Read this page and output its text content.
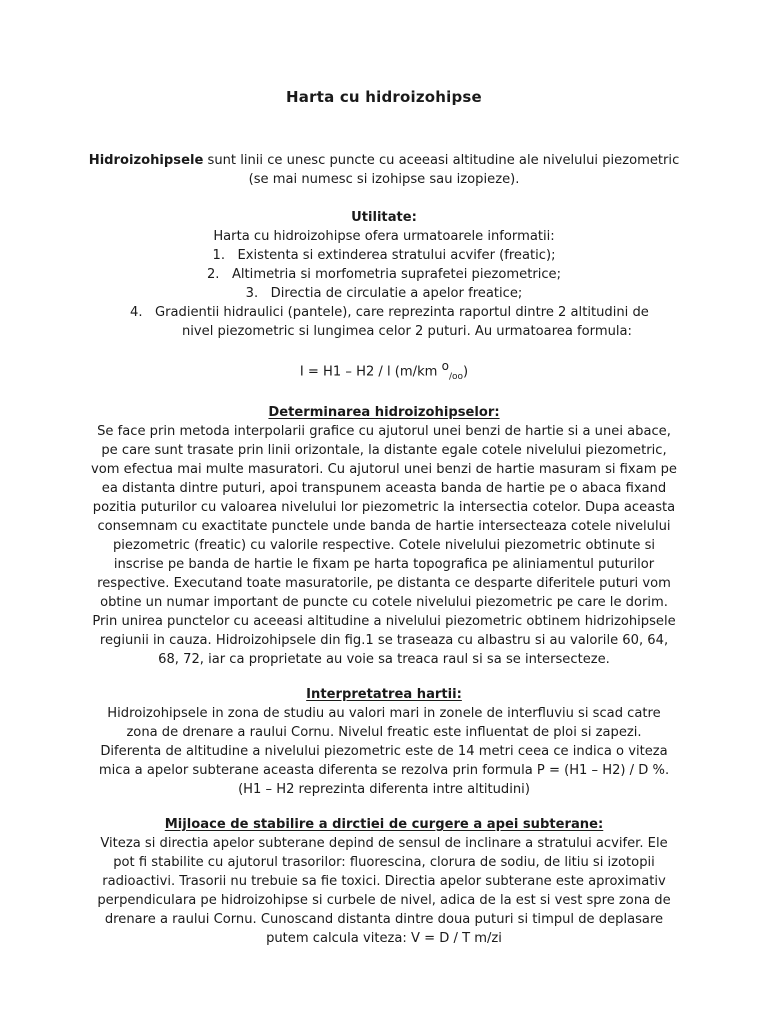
Harta cu hidroizohipse

Hidroizohipsele sunt linii ce unesc puncte cu aceeasi altitudine ale nivelului piezometric

(se mai numesc si izohipse sau izopieze).

Utilitate:

Harta cu hidroizohipse ofera urmatoarele informatii:

1. Existenta si extinderea stratului acvifer (freatic);
2. Altimetria si morfometria suprafetei piezometrice;
3. Directia de circulatie a apelor freatice;
4. Gradientii hidraulici (pantele), care reprezinta raportul dintre 2 altitudini de
nivel piezometric si lungimea celor 2 puturi. Au urmatoarea formula:

I = H1 – H2 / l (m/km $^o_{/oo}$)

Determinarea hidroizohipselor:

Se face prin metoda interpolarii grafice cu ajutorul unei benzi de hartie si a unei abace,

pe care sunt trasate prin linii orizontale, la distante egale cotele nivelului piezometric,

vom efectua mai multe masuratori. Cu ajutorul unei benzi de hartie masuram si fixam pe

ea distanta dintre puturi, apoi transpunem aceasta banda de hartie pe o abaca fixand

pozitia puturilor cu valoarea nivelului lor piezometric la intersectia cotelor. Dupa aceasta

consemnam cu exactitate punctele unde banda de hartie intersecteaza cotele nivelului

piezometric (freatic) cu valorile respective. Cotele nivelului piezometric obtinute si

inscrise pe banda de hartie le fixam pe harta topografica pe aliniamentul puturilor

respective. Executand toate masuratorile, pe distanta ce desparte diferitele puturi vom

obtine un numar important de puncte cu cotele nivelului piezometric pe care le dorim.

Prin unirea punctelor cu aceeasi altitudine a nivelului piezometric obtinem hidrizohipsele

regiunii in cauza. Hidroizohipsele din fig.1 se traseaza cu albastru si au valorile 60, 64,

68, 72, iar ca proprietate au voie sa treaca raul si sa se intersecteze.

Interpretatrea hartii:

Hidroizohipsele in zona de studiu au valori mari in zonele de interfluviu si scad catre

zona de drenare a raului Cornu. Nivelul freatic este influentat de ploi si zapezi.

Diferenta de altitudine a nivelului piezometric este de 14 metri ceea ce indica o viteza

mica a apelor subterane aceasta diferenta se rezolva prin formula P = (H1 – H2) / D %.

(H1 – H2 reprezinta diferenta intre altitudini)

Mijloace de stabilire a dirctiei de curgere a apei subterane:

Viteza si directia apelor subterane depind de sensul de inclinare a stratului acvifer. Ele

pot fi stabilite cu ajutorul trasorilor: fluorescina, clorura de sodiu, de litiu si izotopii

radioactivi. Trasorii nu trebuie sa fie toxici. Directia apelor subterane este aproximativ

perpendiculara pe hidroizohipse si curbele de nivel, adica de la est si vest spre zona de

drenare a raului Cornu. Cunoscand distanta dintre doua puturi si timpul de deplasare

putem calcula viteza: V = D / T m/zi
